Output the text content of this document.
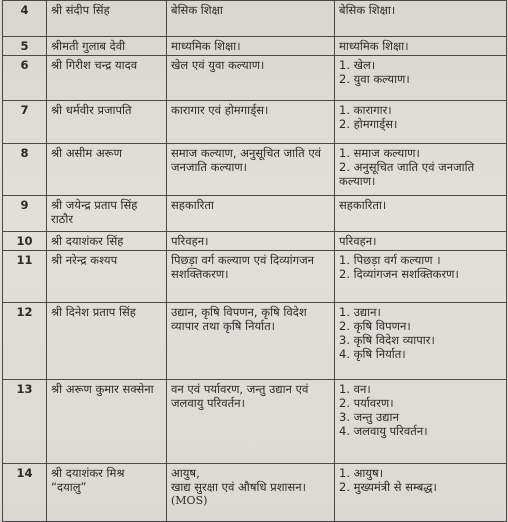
4	श्री संदीप सिंह	बेसिक शिक्षा	बेसिक शिक्षा।

5	श्रीमती गुलाब देवी	माध्यमिक शिक्षा।	माध्यमिक शिक्षा।

6	श्री गिरीश चन्द्र यादव	खेल एवं युवा कल्याण।	1. खेल।
2. युवा कल्याण।

7	श्री धर्मवीर प्रजापति	कारागार एवं होमगार्ड्स।	1. कारागार।
2. होमगार्ड्स।

8	श्री असीम अरूण	समाज कल्याण, अनुसूचित जाति एवं जनजाति कल्याण।	1. समाज कल्याण।
2. अनुसूचित जाति एवं जनजाति कल्याण।

9	श्री जयेन्द्र प्रताप सिंह राठौर	सहकारिता	सहकारिता।

10	श्री दयाशंकर सिंह	परिवहन।	परिवहन।

11	श्री नरेन्द्र कश्यप	पिछड़ा वर्ग कल्याण एवं दिव्यांगजन सशक्तिकरण।	1. पिछड़ा वर्ग कल्याण ।
2. दिव्यांगजन सशक्तिकरण।

12	श्री दिनेश प्रताप सिंह	उद्यान, कृषि विपणन, कृषि विदेश व्यापार तथा कृषि निर्यात।	1. उद्यान।
2. कृषि विपणन।
3. कृषि विदेश व्यापार।
4. कृषि निर्यात।

13	श्री अरूण कुमार सक्सेना	वन एवं पर्यावरण, जन्तु उद्यान एवं जलवायु परिवर्तन।	1. वन।
2. पर्यावरण।
3. जन्तु उद्यान
4. जलवायु परिवर्तन।

14	श्री दयाशंकर मिश्र “दयालु”	आयुष,
खाद्य सुरक्षा एवं औषधि प्रशासन।
(MOS)	1. आयुष।
2. मुख्यमंत्री से सम्बद्ध।
